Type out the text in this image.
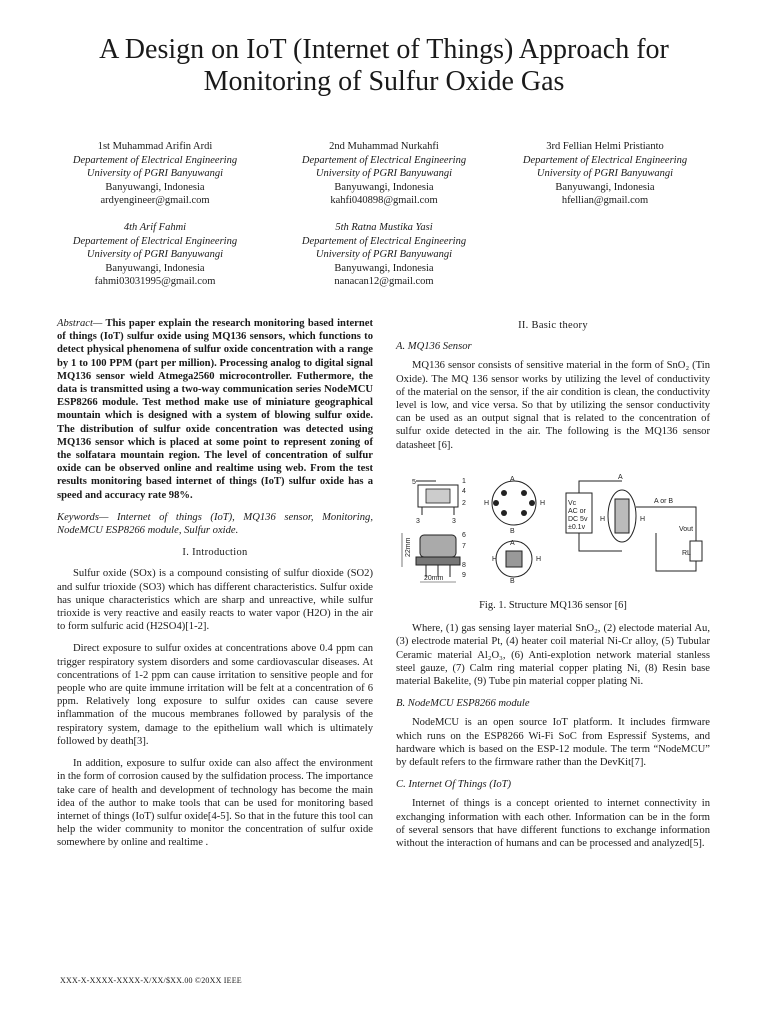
A Design on IoT (Internet of Things) Approach for Monitoring of Sulfur Oxide Gas
1st Muhammad Arifin Ardi
Departement of Electrical Engineering
University of PGRI Banyuwangi
Banyuwangi, Indonesia
ardyengineer@gmail.com
2nd Muhammad Nurkahfi
Departement of Electrical Engineering
University of PGRI Banyuwangi
Banyuwangi, Indonesia
kahfi040898@gmail.com
3rd Fellian Helmi Pristianto
Departement of Electrical Engineering
University of PGRI Banyuwangi
Banyuwangi, Indonesia
hfellian@gmail.com
4th Arif Fahmi
Departement of Electrical Engineering
University of PGRI Banyuwangi
Banyuwangi, Indonesia
fahmi03031995@gmail.com
5th Ratna Mustika Yasi
Departement of Electrical Engineering
University of PGRI Banyuwangi
Banyuwangi, Indonesia
nanacan12@gmail.com

Abstract— This paper explain the research monitoring based internet of things (IoT) sulfur oxide using MQ136 sensors, which functions to detect physical phenomena of sulfur oxide concentration with a range by 1 to 100 PPM (part per million). Processing analog to digital signal MQ136 sensor wield Atmega2560 microcontroller. Futhermore, the data is transmitted using a two-way communication series NodeMCU ESP8266 module. Test method make use of miniature geographical mountain which is designed with a system of blowing sulfur oxide. The distribution of sulfur oxide concentration was detected using MQ136 sensor which is placed at some point to represent zoning of the solfatara mountain region. The level of concentration of sulfur oxide can be observed online and realtime using web. From the test results monitoring based internet of things (IoT) sulfur oxide has a speed and accuracy rate 98%.

Keywords— Internet of things (IoT), MQ136 sensor, Monitoring, NodeMCU ESP8266 module, Sulfur oxide.

I. Introduction

Sulfur oxide (SOx) is a compound consisting of sulfur dioxide (SO2) and sulfur trioxide (SO3) which has different characteristics. Sulfur oxide has unique characteristics which are sharp and unreactive, while sulfur trioxide is very reactive and easily reacts to water vapor (H2O) in the air to form sulfuric acid (H2SO4)[1-2].

Direct exposure to sulfur oxides at concentrations above 0.4 ppm can trigger respiratory system disorders and some cardiovascular diseases. At concentrations of 1-2 ppm can cause irritation to sensitive people and for people who are quite immune irritation will be felt at a concentration of 6 ppm. Relatively long exposure to sulfur oxides can cause severe inflammation of the mucous membranes followed by paralysis of the respiratory system, damage to the epithelium wall which is ultimately followed by death[3].

In addition, exposure to sulfur oxide can also affect the environment in the form of corrosion caused by the sulfidation process. The importance take care of health and development of technology has become the main idea of the author to make tools that can be used for monitoring based internet of things (IoT) sulfur oxide[4-5]. So that in the future this tool can help the wider community to monitor the concentration of sulfur oxide somewhere by online and realtime .

II. Basic theory
A. MQ136 Sensor

MQ136 sensor consists of sensitive material in the form of SnO₂ (Tin Oxide). The MQ 136 sensor works by utilizing the level of conductivity of the material on the sensor, if the air condition is clean, the conductivity level is low, and vice versa. So that by utilizing the sensor conductivity can be used as an output signal that is related to the concentration of sulfur oxide detected in the air. The following is the MQ136 sensor datasheet [6].

5	1
4
2
3	3
22mm
20mm
6
7
8
9
H	H
A
B
H	H
A
B
Vc
AC or
DC 5v
±0.1v
H	H
A
A or B
Vout
RL
Fig. 1. Structure MQ136 sensor [6]

Where, (1) gas sensing layer material SnO₂, (2) electode material Au, (3) electrode material Pt, (4) heater coil material Ni-Cr alloy, (5) Tubular Ceramic material Al₂O₃, (6) Anti-explotion network material stanless steel gauze, (7) Calm ring material copper plating Ni, (8) Resin base material Bakelite, (9) Tube pin material copper plating Ni.

B. NodeMCU ESP8266 module

NodeMCU is an open source IoT platform. It includes firmware which runs on the ESP8266 Wi-Fi SoC from Espressif Systems, and hardware which is based on the ESP-12 module. The term “NodeMCU” by default refers to the firmware rather than the DevKit[7].

C. Internet Of Things (IoT)

Internet of things is a concept oriented to internet connectivity in exchanging information with each other. Information can be in the form of several sensors that have different functions to exchange information without the interaction of humans and can be processed and analyzed[5].

XXX-X-XXXX-XXXX-X/XX/$XX.00 ©20XX IEEE
